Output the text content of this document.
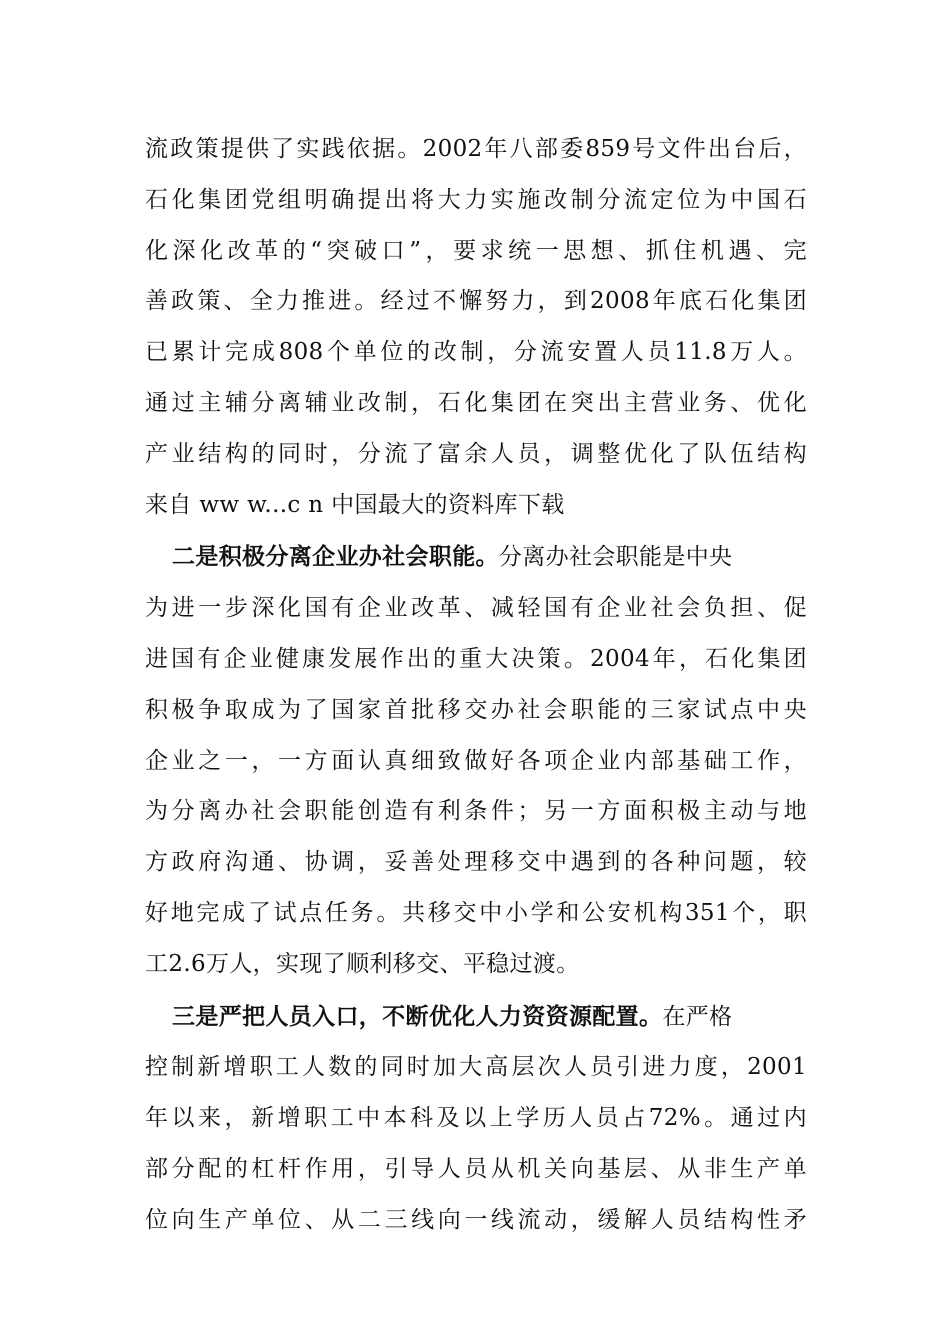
流政策提供了实践依据。2002年八部委859号文件出台后，
石化集团党组明确提出将大力实施改制分流定位为中国石
化深化改革的“突破口”，要求统一思想、抓住机遇、完
善政策、全力推进。经过不懈努力，到2008年底石化集团
已累计完成808个单位的改制，分流安置人员11.8万人。
通过主辅分离辅业改制，石化集团在突出主营业务、优化
产业结构的同时，分流了富余人员，调整优化了队伍结构
来自 ww w...c n 中国最大的资料库下载
二是积极分离企业办社会职能。分离办社会职能是中央
为进一步深化国有企业改革、减轻国有企业社会负担、促
进国有企业健康发展作出的重大决策。2004年，石化集团
积极争取成为了国家首批移交办社会职能的三家试点中央
企业之一，一方面认真细致做好各项企业内部基础工作，
为分离办社会职能创造有利条件；另一方面积极主动与地
方政府沟通、协调，妥善处理移交中遇到的各种问题，较
好地完成了试点任务。共移交中小学和公安机构351个，职
工2.6万人，实现了顺利移交、平稳过渡。
三是严把人员入口，不断优化人力资资源配置。在严格
控制新增职工人数的同时加大高层次人员引进力度，2001
年以来，新增职工中本科及以上学历人员占72%。通过内
部分配的杠杆作用，引导人员从机关向基层、从非生产单
位向生产单位、从二三线向一线流动，缓解人员结构性矛
